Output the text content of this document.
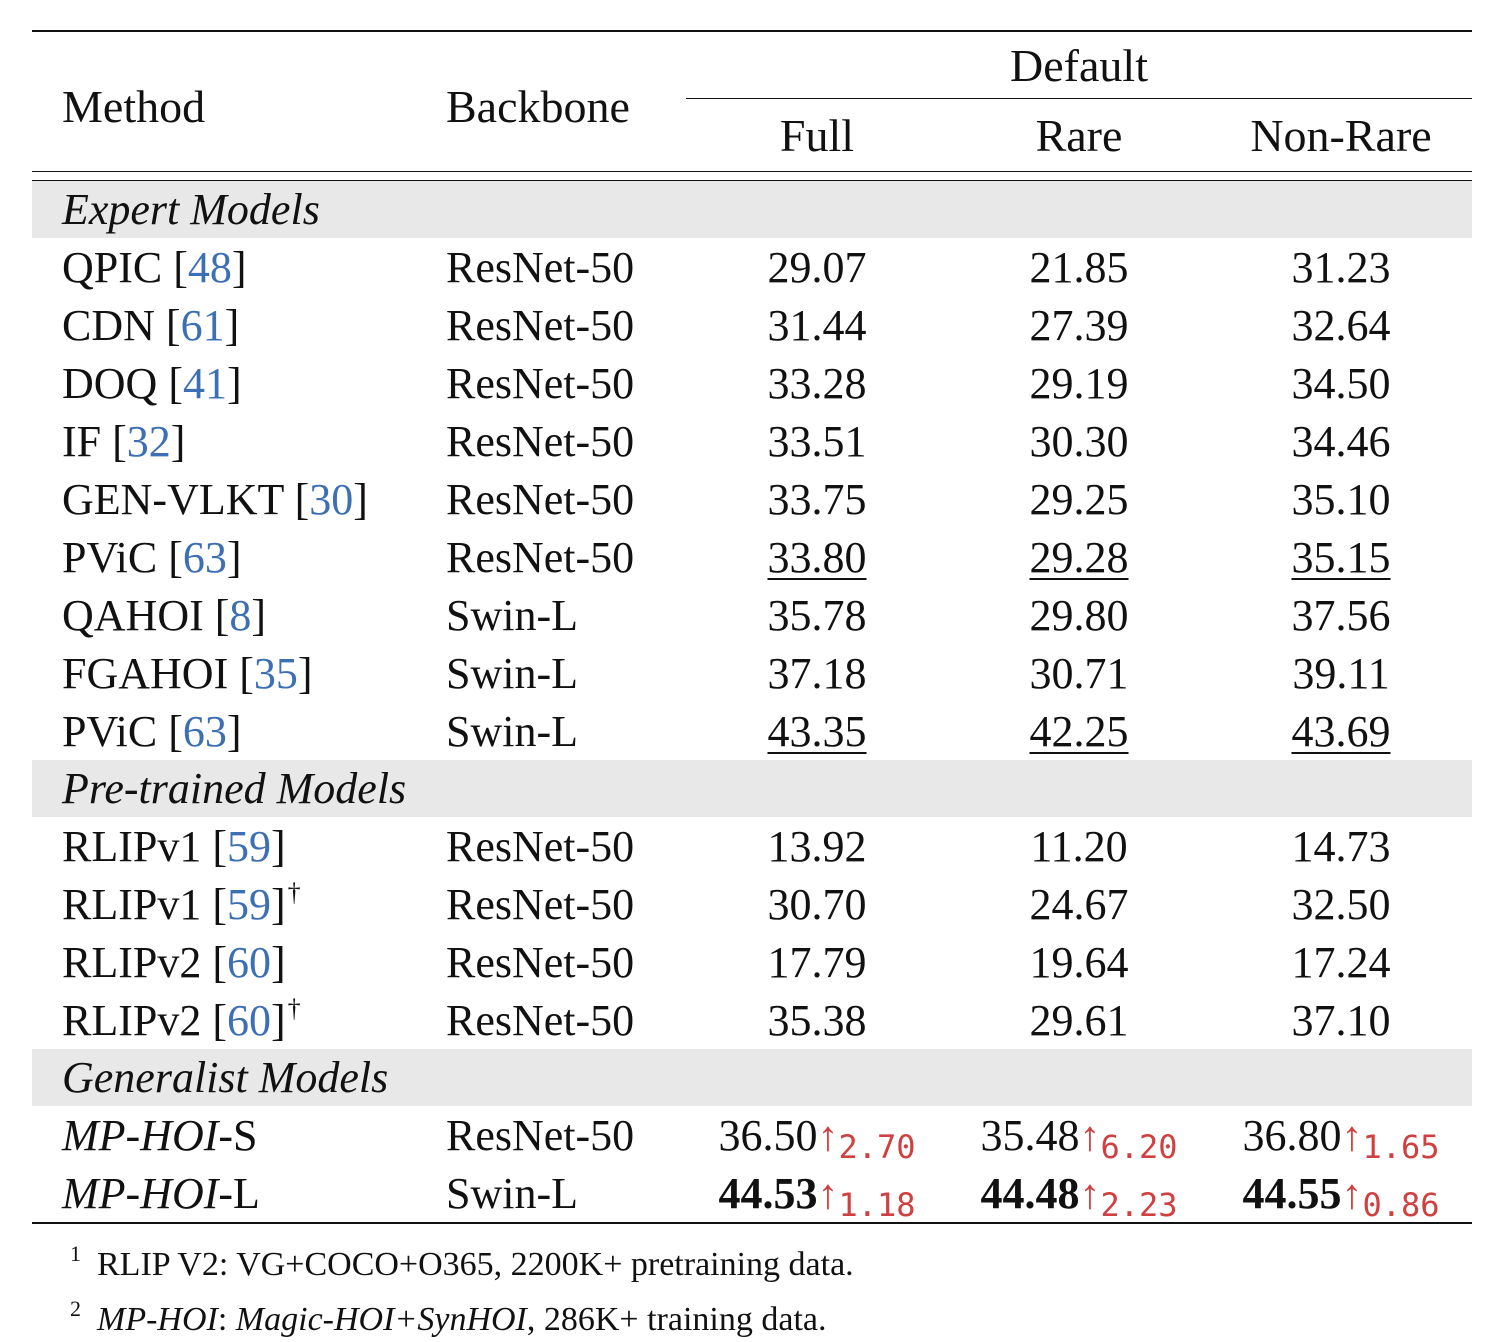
Method	Backbone	Default		
		Full	Rare	Non-Rare

Expert Models				
QPIC [48]	ResNet-50	29.07	21.85	31.23
CDN [61]	ResNet-50	31.44	27.39	32.64
DOQ [41]	ResNet-50	33.28	29.19	34.50
IF [32]	ResNet-50	33.51	30.30	34.46
GEN-VLKT [30]	ResNet-50	33.75	29.25	35.10
PViC [63]	ResNet-50	33.80	29.28	35.15
QAHOI [8]	Swin-L	35.78	29.80	37.56
FGAHOI [35]	Swin-L	37.18	30.71	39.11
PViC [63]	Swin-L	43.35	42.25	43.69
Pre-trained Models				
RLIPv1 [59]	ResNet-50	13.92	11.20	14.73
RLIPv1 [59]†	ResNet-50	30.70	24.67	32.50
RLIPv2 [60]	ResNet-50	17.79	19.64	17.24
RLIPv2 [60]†	ResNet-50	35.38	29.61	37.10
Generalist Models				
MP-HOI-S	ResNet-50	36.50↑2.70	35.48↑6.20	36.80↑1.65
MP-HOI-L	Swin-L	44.53↑1.18	44.48↑2.23	44.55↑0.86
$^1$ RLIP V2: VG+COCO+O365, 2200K+ pretraining data.
$^2$ MP-HOI: Magic-HOI+SynHOI, 286K+ training data.
